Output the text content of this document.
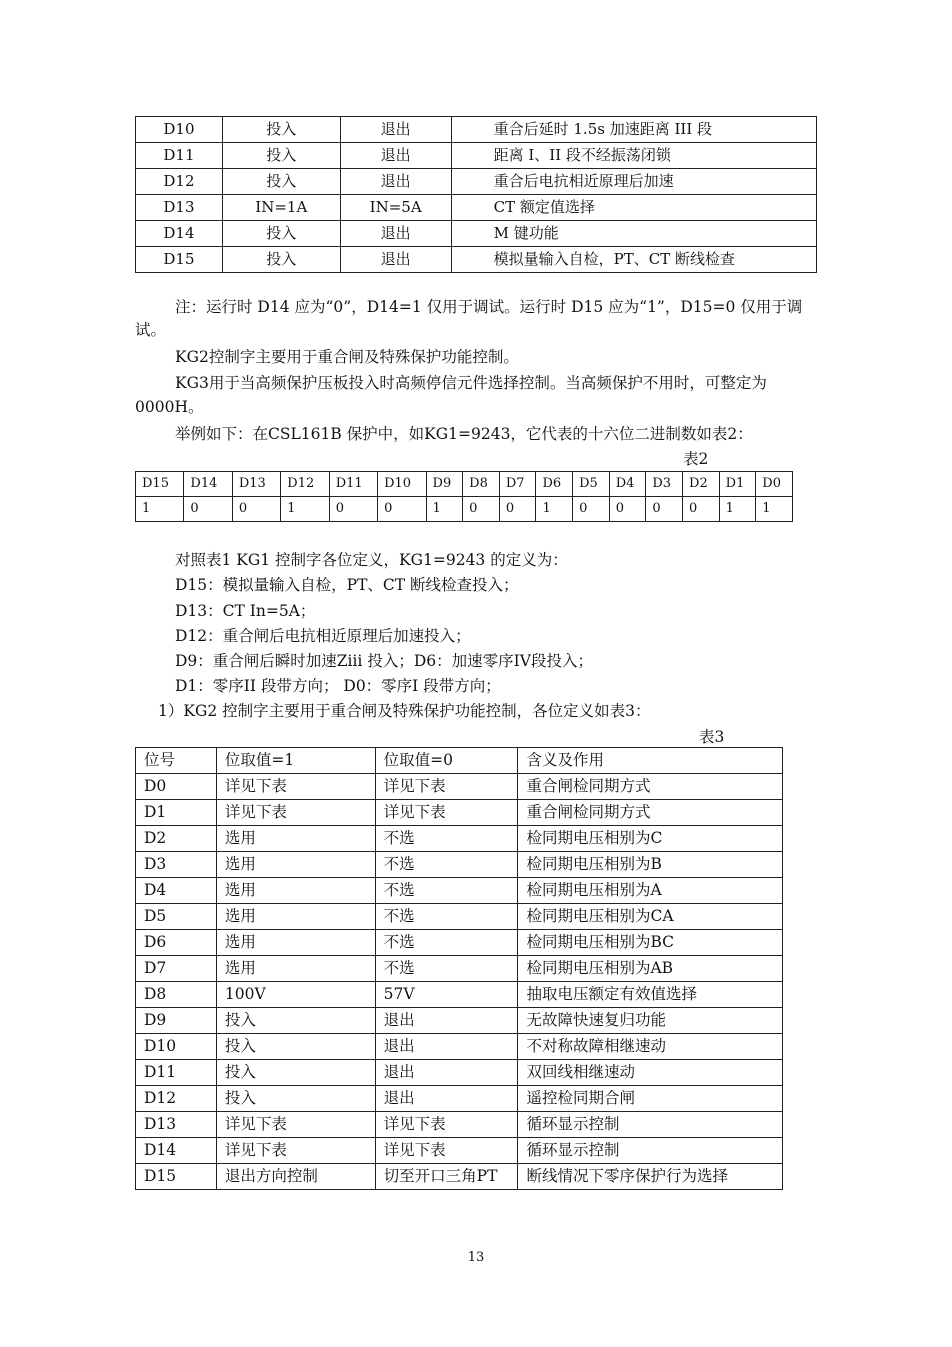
D10	投入	退出	重合后延时 1.5s 加速距离 III 段
D11	投入	退出	距离 I、II 段不经振荡闭锁
D12	投入	退出	重合后电抗相近原理后加速
D13	IN=1A	IN=5A	CT 额定值选择
D14	投入	退出	M 键功能
D15	投入	退出	模拟量输入自检，PT、CT 断线检查
注：运行时 D14 应为“0”，D14=1 仅用于调试。运行时 D15 应为“1”，D15=0 仅用于调
试。
KG2控制字主要用于重合闸及特殊保护功能控制。
KG3用于当高频保护压板投入时高频停信元件选择控制。当高频保护不用时，可整定为
0000H。
举例如下：在CSL161B 保护中，如KG1=9243，它代表的十六位二进制数如表2：
表2
D15	D14	D13	D12	D11	D10	D9	D8	D7	D6	D5	D4	D3	D2	D1	D0
1	0	0	1	0	0	1	0	0	1	0	0	0	0	1	1
对照表1 KG1 控制字各位定义，KG1=9243 的定义为：
D15：模拟量输入自检，PT、CT 断线检查投入；
D13：CT In=5A；
D12：重合闸后电抗相近原理后加速投入；
D9：重合闸后瞬时加速Zⅲ 投入；D6：加速零序IV段投入；
D1：零序II 段带方向； D0：零序I 段带方向；
1）KG2 控制字主要用于重合闸及特殊保护功能控制，各位定义如表3：
表3
位号	位取值=1	位取值=0	含义及作用
D0	详见下表	详见下表	重合闸检同期方式
D1	详见下表	详见下表	重合闸检同期方式
D2	选用	不选	检同期电压相别为C
D3	选用	不选	检同期电压相别为B
D4	选用	不选	检同期电压相别为A
D5	选用	不选	检同期电压相别为CA
D6	选用	不选	检同期电压相别为BC
D7	选用	不选	检同期电压相别为AB
D8	100V	57V	抽取电压额定有效值选择
D9	投入	退出	无故障快速复归功能
D10	投入	退出	不对称故障相继速动
D11	投入	退出	双回线相继速动
D12	投入	退出	遥控检同期合闸
D13	详见下表	详见下表	循环显示控制
D14	详见下表	详见下表	循环显示控制
D15	退出方向控制	切至开口三角PT	断线情况下零序保护行为选择
13
